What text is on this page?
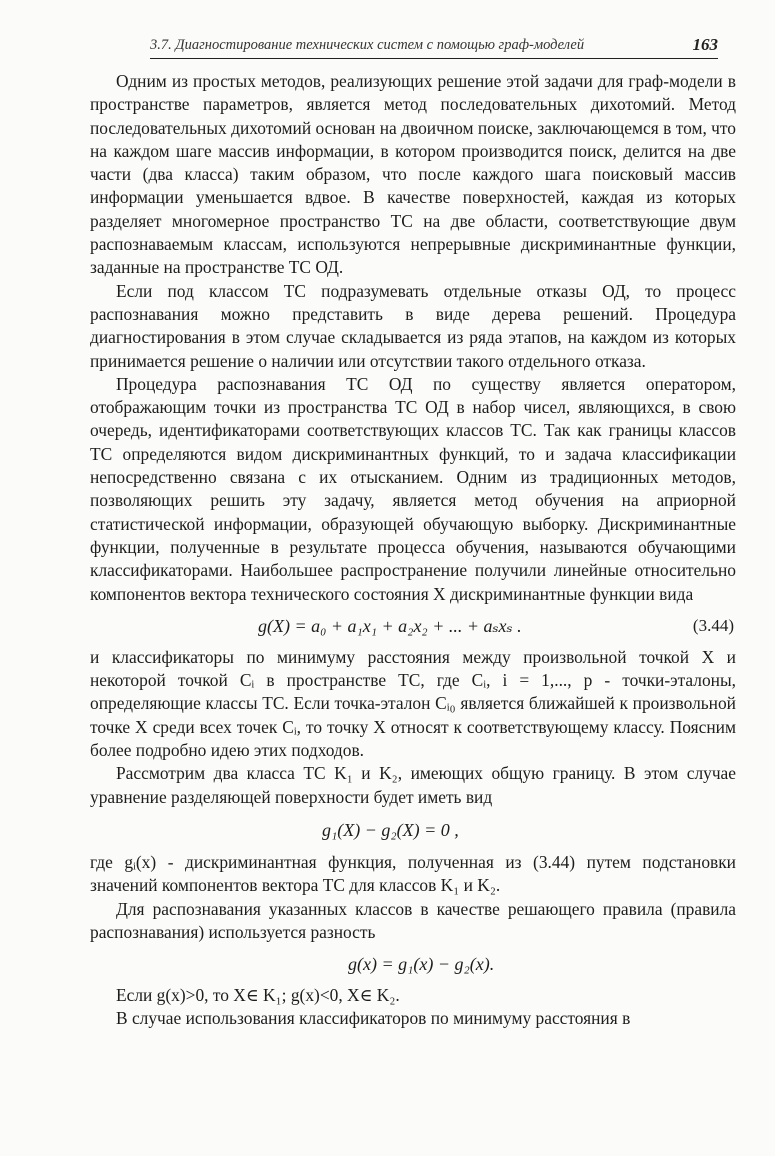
3.7. Диагностирование технических систем с помощью граф-моделей	163

Одним из простых методов, реализующих решение этой задачи для граф-модели в пространстве параметров, является метод последовательных дихотомий. Метод последовательных дихотомий основан на двоичном поиске, заключающемся в том, что на каждом шаге массив информации, в котором производится поиск, делится на две части (два класса) таким образом, что после каждого шага поисковый массив информации уменьшается вдвое. В качестве поверхностей, каждая из которых разделяет многомерное пространство ТС на две области, соответствующие двум распознаваемым классам, используются непрерывные дискриминантные функции, заданные на пространстве ТС ОД.

Если под классом ТС подразумевать отдельные отказы ОД, то процесс распознавания можно представить в виде дерева решений. Процедура диагностирования в этом случае складывается из ряда этапов, на каждом из которых принимается решение о наличии или отсутствии такого отдельного отказа.

Процедура распознавания ТС ОД по существу является оператором, отображающим точки из пространства ТС ОД в набор чисел, являющихся, в свою очередь, идентификаторами соответствующих классов ТС. Так как границы классов ТС определяются видом дискриминантных функций, то и задача классификации непосредственно связана с их отысканием. Одним из традиционных методов, позволяющих решить эту задачу, является метод обучения на априорной статистической информации, образующей обучающую выборку. Дискриминантные функции, полученные в результате процесса обучения, называются обучающими классификаторами. Наибольшее распространение получили линейные относительно компонентов вектора технического состояния X дискриминантные функции вида

g(X) = a₀ + a₁x₁ + a₂x₂ + ... + aₛxₛ .	(3.44)

и классификаторы по минимуму расстояния между произвольной точкой X и некоторой точкой Cᵢ в пространстве ТС, где Cᵢ, i = 1,..., p - точки-эталоны, определяющие классы ТС. Если точка-эталон Cᵢ₀ является ближайшей к произвольной точке X среди всех точек Cᵢ, то точку X относят к соответствующему классу. Поясним более подробно идею этих подходов.

Рассмотрим два класса ТС K₁ и K₂, имеющих общую границу. В этом случае уравнение разделяющей поверхности будет иметь вид

g₁(X) − g₂(X) = 0 ,

где gᵢ(x) - дискриминантная функция, полученная из (3.44) путем подстановки значений компонентов вектора ТС для классов K₁ и K₂.

Для распознавания указанных классов в качестве решающего правила (правила распознавания) используется разность

g(x) = g₁(x) − g₂(x).

Если g(x)>0, то X∈ K₁; g(x)<0, X∈ K₂.

В случае использования классификаторов по минимуму расстояния в
